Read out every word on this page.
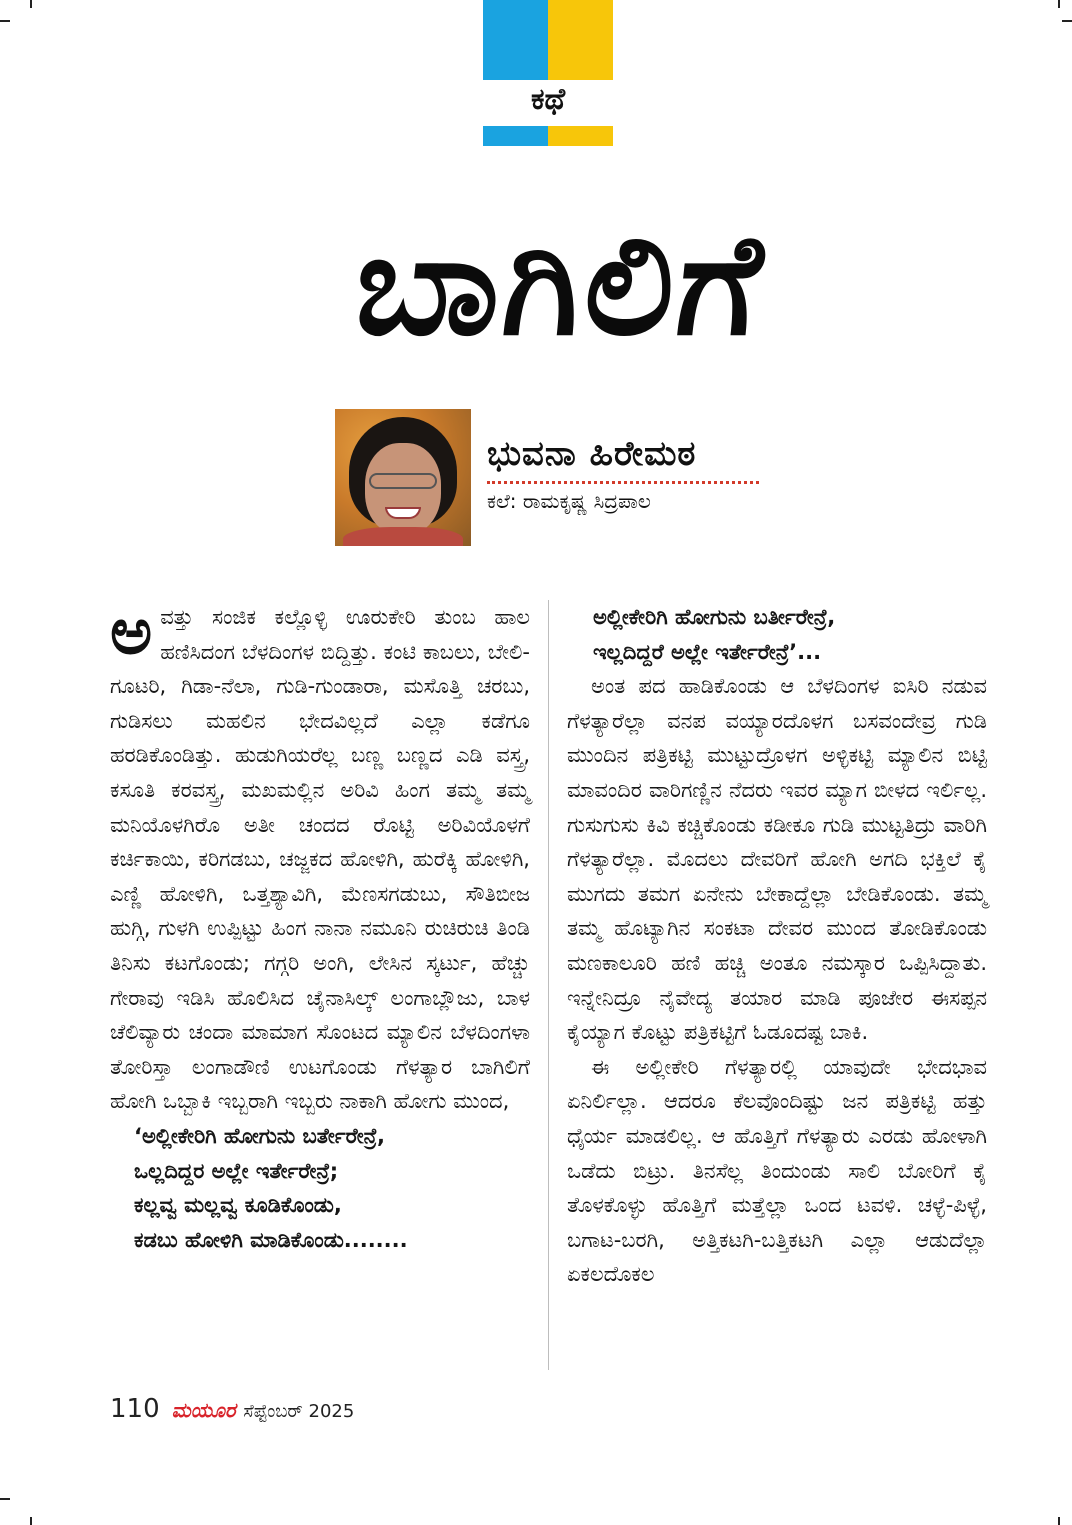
ಕಥೆ
ಬಾಗಿಲಿಗೆ
ಭುವನಾ ಹಿರೇಮಠ
ಕಲೆ: ರಾಮಕೃಷ್ಣ ಸಿದ್ರಪಾಲ

ಅವತ್ತು ಸಂಜಿಕ ಕಲ್ಲೊಳ್ಳಿ ಊರುಕೇರಿ ತುಂಬ ಹಾಲ ಹಣಿಸಿದಂಗ ಬೆಳದಿಂಗಳ ಬಿದ್ದಿತ್ತು. ಕಂಟಿ ಕಾಬಲು, ಬೇಲಿ-ಗೂಟರಿ, ಗಿಡಾ-ನೆಲಾ, ಗುಡಿ-ಗುಂಡಾರಾ, ಮಸೊತ್ತಿ ಚರಬು, ಗುಡಿಸಲು ಮಹಲಿನ ಭೇದವಿಲ್ಲದೆ ಎಲ್ಲಾ ಕಡೆಗೂ ಹರಡಿಕೊಂಡಿತ್ತು. ಹುಡುಗಿಯರೆಲ್ಲ ಬಣ್ಣ ಬಣ್ಣದ ಎಡಿ ವಸ್ತ್ರ, ಕಸೂತಿ ಕರವಸ್ತ್ರ, ಮಖಮಲ್ಲಿನ ಅರಿವಿ ಹಿಂಗ ತಮ್ಮ ತಮ್ಮ ಮನಿಯೊಳಗಿರೊ ಅತೀ ಚಂದದ ರೊಟ್ಟಿ ಅರಿವಿಯೊಳಗೆ ಕರ್ಚಿಕಾಯಿ, ಕರಿಗಡಬು, ಚಜ್ಜಕದ ಹೋಳಿಗಿ, ಹುರೆಕ್ಕಿ ಹೋಳಿಗಿ, ಎಣ್ಣಿ ಹೋಳಿಗಿ, ಒತ್ತಶ್ಯಾವಿಗಿ, ಮೆಣಸಗಡುಬು, ಸೌತಿಬೀಜ ಹುಗ್ಗಿ, ಗುಳಗಿ ಉಪ್ಪಿಟ್ಟು ಹಿಂಗ ನಾನಾ ನಮೂನಿ ರುಚಿರುಚಿ ತಿಂಡಿ ತಿನಿಸು ಕಟಗೊಂಡು; ಗಗ್ಗರಿ ಅಂಗಿ, ಲೇಸಿನ ಸ್ಕರ್ಟು, ಹೆಚ್ಚು ಗೇರಾವು ಇಡಿಸಿ ಹೊಲಿಸಿದ ಚೈನಾಸಿಲ್ಕ್ ಲಂಗಾಬ್ಲೌಜು, ಬಾಳ ಚೆಲಿವ್ಯಾರು ಚಂದಾ ಮಾಮಾಗ ಸೊಂಟದ ಮ್ಯಾಲಿನ ಬೆಳದಿಂಗಳಾ ತೋರಿಸ್ತಾ ಲಂಗಾಡೌಣಿ ಉಟಗೊಂಡು ಗೆಳತ್ಯಾರ ಬಾಗಿಲಿಗೆ ಹೋಗಿ ಒಬ್ಬಾಕಿ ಇಬ್ಬರಾಗಿ ಇಬ್ಬರು ನಾಕಾಗಿ ಹೋಗು ಮುಂದ,

‘ಅಲ್ಲೀಕೇರಿಗಿ ಹೋಗುನು ಬರ್ತೇರೇನ್ರೆ,
ಒಲ್ಲದಿದ್ದರ ಅಲ್ಲೇ ಇರ್ತೇರೇನ್ರೆ;
ಕಲ್ಲವ್ವ ಮಲ್ಲವ್ವ ಕೂಡಿಕೊಂಡು,
ಕಡಬು ಹೋಳಿಗಿ ಮಾಡಿಕೊಂಡು........
ಅಲ್ಲೀಕೇರಿಗಿ ಹೋಗುನು ಬರ್ತೀರೇನ್ರೆ,
ಇಲ್ಲದಿದ್ದರೆ ಅಲ್ಲೇ ಇರ್ತೇರೇನ್ರೆ’...

ಅಂತ ಪದ ಹಾಡಿಕೊಂಡು ಆ ಬೆಳದಿಂಗಳ ಐಸಿರಿ ನಡುವ ಗೆಳತ್ಯಾರೆಲ್ಲಾ ವನಪ ವಯ್ಯಾರದೊಳಗ ಬಸವಂದೇವ್ರ ಗುಡಿ ಮುಂದಿನ ಪತ್ರಿಕಟ್ಟಿ ಮುಟ್ಟುದ್ರೊಳಗ ಅಳ್ಳಿಕಟ್ಟಿ ಮ್ಯಾಲಿನ ಬಿಟ್ಟಿ ಮಾವಂದಿರ ವಾರಿಗಣ್ಣಿನ ನೆದರು ಇವರ ಮ್ಯಾಗ ಬೀಳದ ಇರ್ಲಿಲ್ಲ. ಗುಸುಗುಸು ಕಿವಿ ಕಚ್ಚಿಕೊಂಡು ಕಡೀಕೂ ಗುಡಿ ಮುಟ್ಟತಿದ್ರು ವಾರಿಗಿ ಗೆಳತ್ಯಾರೆಲ್ಲಾ. ಮೊದಲು ದೇವರಿಗೆ ಹೋಗಿ ಅಗದಿ ಭಕ್ತಿಲೆ ಕೈ ಮುಗದು ತಮಗ ಏನೇನು ಬೇಕಾದ್ದೆಲ್ಲಾ ಬೇಡಿಕೊಂಡು. ತಮ್ಮ ತಮ್ಮ ಹೊಟ್ಯಾಗಿನ ಸಂಕಟಾ ದೇವರ ಮುಂದ ತೋಡಿಕೊಂಡು ಮಣಕಾಲೂರಿ ಹಣಿ ಹಚ್ಚಿ ಅಂತೂ ನಮಸ್ಕಾರ ಒಪ್ಪಿಸಿದ್ದಾತು. ಇನ್ನೇನಿದ್ರೂ ನೈವೇದ್ಯ ತಯಾರ ಮಾಡಿ ಪೂಜೇರ ಈಸಪ್ಪನ ಕೈಯ್ಯಾಗ ಕೊಟ್ಟು ಪತ್ರಿಕಟ್ಟಿಗೆ ಓಡೂದಷ್ಟ ಬಾಕಿ.

ಈ ಅಲ್ಲೀಕೇರಿ ಗೆಳತ್ಯಾರಲ್ಲಿ ಯಾವುದೇ ಭೇದಭಾವ ಏನಿರ್ಲಿಲ್ಲಾ. ಆದರೂ ಕೆಲವೊಂದಿಷ್ಟು ಜನ ಪತ್ರಿಕಟ್ಟಿ ಹತ್ತು ಧೈರ್ಯ ಮಾಡಲಿಲ್ಲ. ಆ ಹೊತ್ತಿಗೆ ಗೆಳತ್ಯಾರು ಎರಡು ಹೋಳಾಗಿ ಒಡೆದು ಬಿಟ್ರು. ತಿನಸೆಲ್ಲ ತಿಂದುಂಡು ಸಾಲಿ ಬೋರಿಗೆ ಕೈ ತೊಳಕೊಳ್ಳು ಹೊತ್ತಿಗೆ ಮತ್ತೆಲ್ಲಾ ಒಂದ ಟವಳಿ. ಚಳ್ಳೆ-ಪಿಳ್ಳೆ, ಬಗಾಟ-ಬರಗಿ, ಅತ್ತಿಕಟಗಿ-ಬತ್ತಿಕಟಗಿ ಎಲ್ಲಾ ಆಡುದೆಲ್ಲಾ ಏಕಲದೊಕಲ

110 ಮಯೂರ ಸೆಪ್ಟೆಂಬರ್ 2025
